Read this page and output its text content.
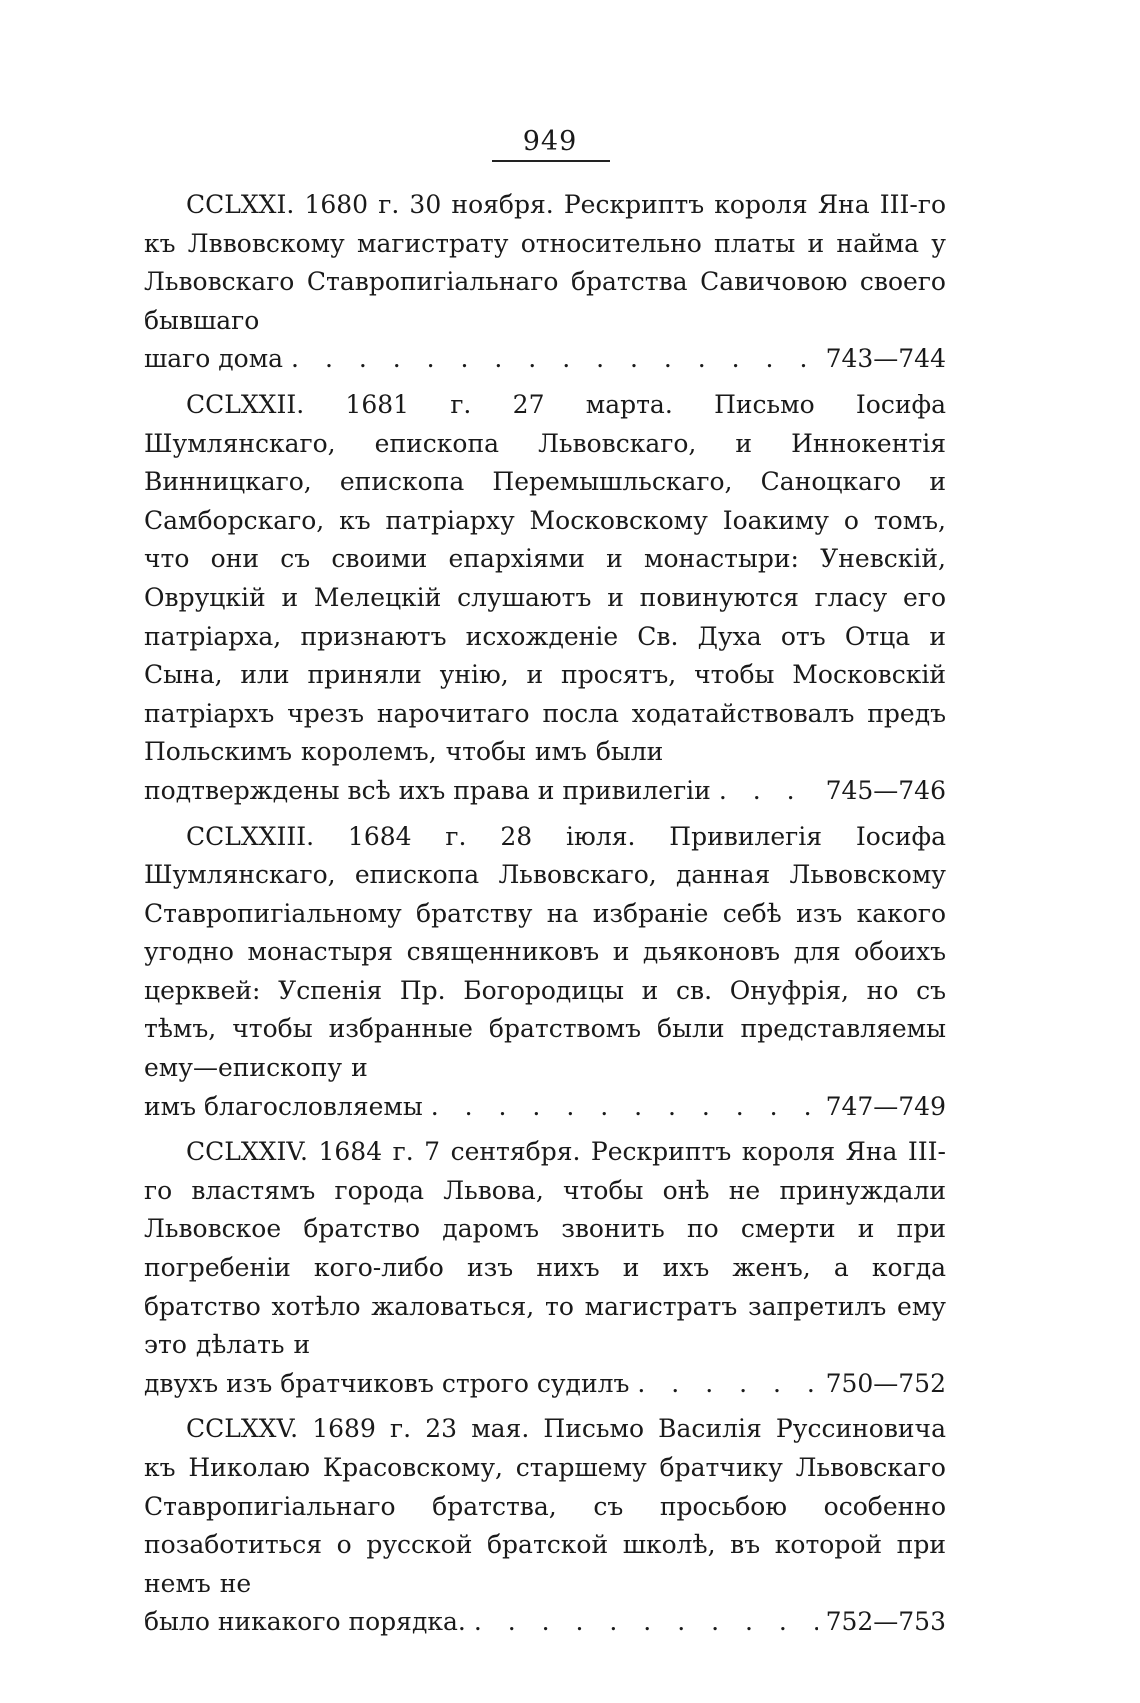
949

CCLXXI. 1680 г. 30 ноября. Рескриптъ короля Яна III-го къ Лввовскому магистрату относительно платы и найма у Львовскаго Ставропигіальнаго братства Савичовою своего бывшаго

шаго дома . . .	743—744

CCLXXII. 1681 г. 27 марта. Письмо Іосифа Шумлянскаго, епископа Львовскаго, и Иннокентія Винницкаго, епископа Перемышльскаго, Саноцкаго и Самборскаго, къ патріарху Московскому Іоакиму о томъ, что они съ своими епархіями и монастыри: Уневскій, Овруцкій и Мелецкій слушаютъ и повинуются гласу его патріарха, признаютъ исхожденіе Св. Духа отъ Отца и Сына, или приняли унію, и просятъ, чтобы Московскій патріархъ чрезъ нарочитаго посла ходатайствовалъ предъ Польскимъ королемъ, чтобы имъ были

подтверждены всѣ ихъ права и привилегіи . . .	745—746

CCLXXIII. 1684 г. 28 іюля. Привилегія Іосифа Шумлянскаго, епископа Львовскаго, данная Львовскому Ставропигіальному братству на избраніе себѣ изъ какого угодно монастыря священниковъ и дьяконовъ для обоихъ церквей: Успенія Пр. Богородицы и св. Онуфрія, но съ тѣмъ, чтобы избранные братствомъ были представляемы ему—епископу и

имъ благословляемы . . .	747—749

CCLXXIV. 1684 г. 7 сентября. Рескриптъ короля Яна III-го властямъ города Львова, чтобы онѣ не принуждали Львовское братство даромъ звонить по смерти и при погребеніи кого-либо изъ нихъ и ихъ женъ, а когда братство хотѣло жаловаться, то магистратъ запретилъ ему это дѣлать и

двухъ изъ братчиковъ строго судилъ . . .	750—752

CCLXXV. 1689 г. 23 мая. Письмо Василія Руссиновича къ Николаю Красовскому, старшему братчику Львовскаго Ставропигіальнаго братства, съ просьбою особенно позаботиться о русской братской школѣ, въ которой при немъ не

было никакого порядка. . . .	752—753
